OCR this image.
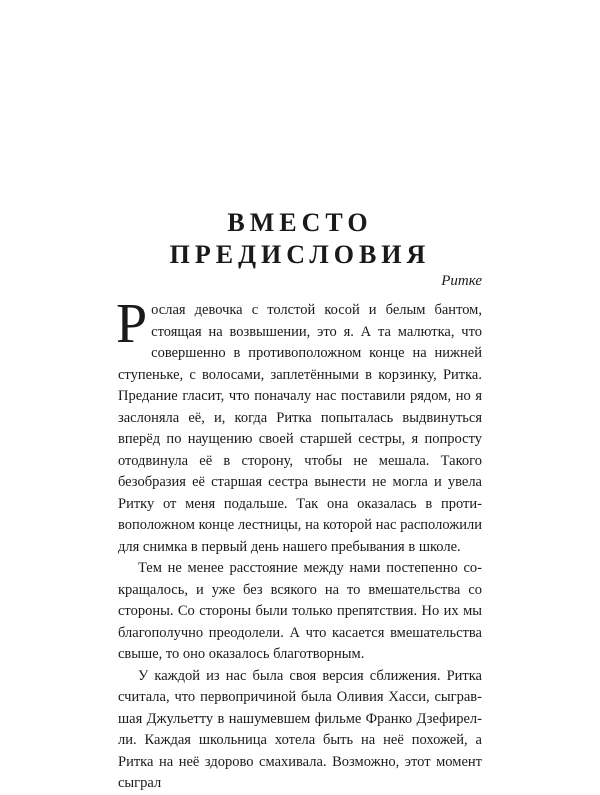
ВМЕСТО
ПРЕДИСЛОВИЯ

Ритке

Рослая девочка с толстой косой и белым бантом, стоящая на возвышении, это я. А та малютка, что совершенно в противоположном конце на нижней ступеньке, с волосами, заплетёнными в корзинку, Ритка. Предание гласит, что поначалу нас поставили рядом, но я заслоняла её, и, когда Ритка попыталась выдвинуться вперёд по наущению своей старшей сестры, я попросту отодвинула её в сторону, чтобы не мешала. Такого безобразия её старшая сестра вынести не могла и увела Ритку от меня подальше. Так она оказалась в противоположном конце лестницы, на которой нас расположили для снимка в первый день нашего пребывания в школе.

Тем не менее расстояние между нами постепенно сокращалось, и уже без всякого на то вмешательства со стороны. Со стороны были только препятствия. Но их мы благополучно преодолели. А что касается вмешательства свыше, то оно оказалось благотворным.

У каждой из нас была своя версия сближения. Ритка считала, что первопричиной была Оливия Хасси, сыгравшая Джульетту в нашумевшем фильме Франко Дзефирелли. Каждая школьница хотела быть на неё похожей, а Ритка на неё здорово смахивала. Возможно, этот момент сыграл
